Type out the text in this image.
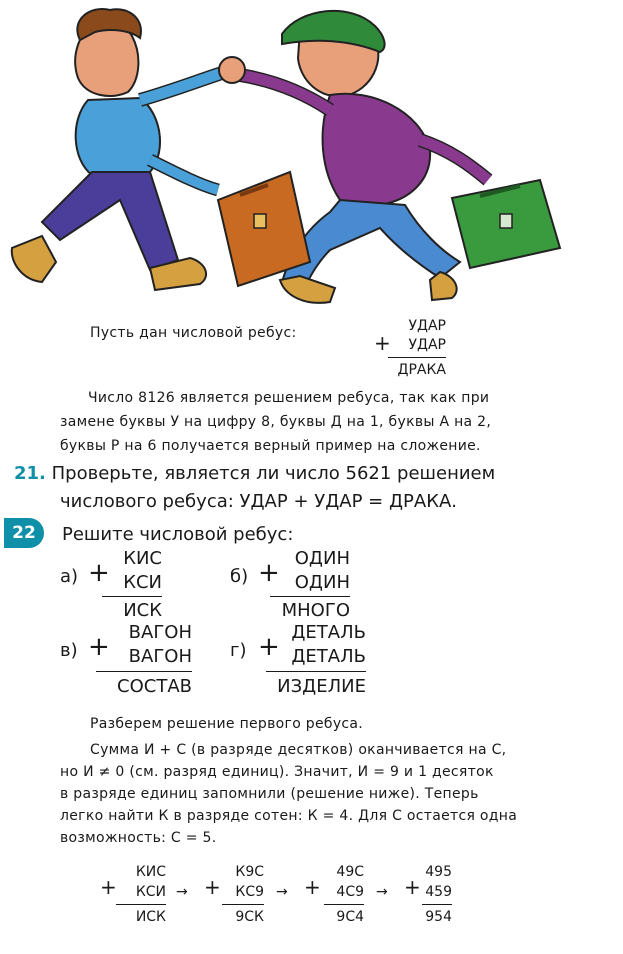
Пусть дан числовой ребус:	+
УДАР
УДАР
ДРАКА
Число 8126 является решением ребуса, так как при
замене буквы У на цифру 8, буквы Д на 1, буквы А на 2,
буквы Р на 6 получается верный пример на сложение.
21. Проверьте, является ли число 5621 решением
числового ребуса: УДАР + УДАР = ДРАКА.
22	Решите числовой ребус:
а) + КИС
КСИ
ИСК
б) + ОДИН
ОДИН
МНОГО
в) + ВАГОН
ВАГОН
СОСТАВ
г) + ДЕТАЛЬ
ДЕТАЛЬ
ИЗДЕЛИЕ
Разберем решение первого ребуса.
Сумма И + С (в разряде десятков) оканчивается на С,
но И ≠ 0 (см. разряд единиц). Значит, И = 9 и 1 десяток
в разряде единиц запомнили (решение ниже). Теперь
легко найти К в разряде сотен: К = 4. Для С остается одна
возможность: С = 5.
+
КИС
КСИ
ИСК
→ +
К9С
КС9
9СК
→ +
49С
4С9
9С4
→ +
495
459
954
